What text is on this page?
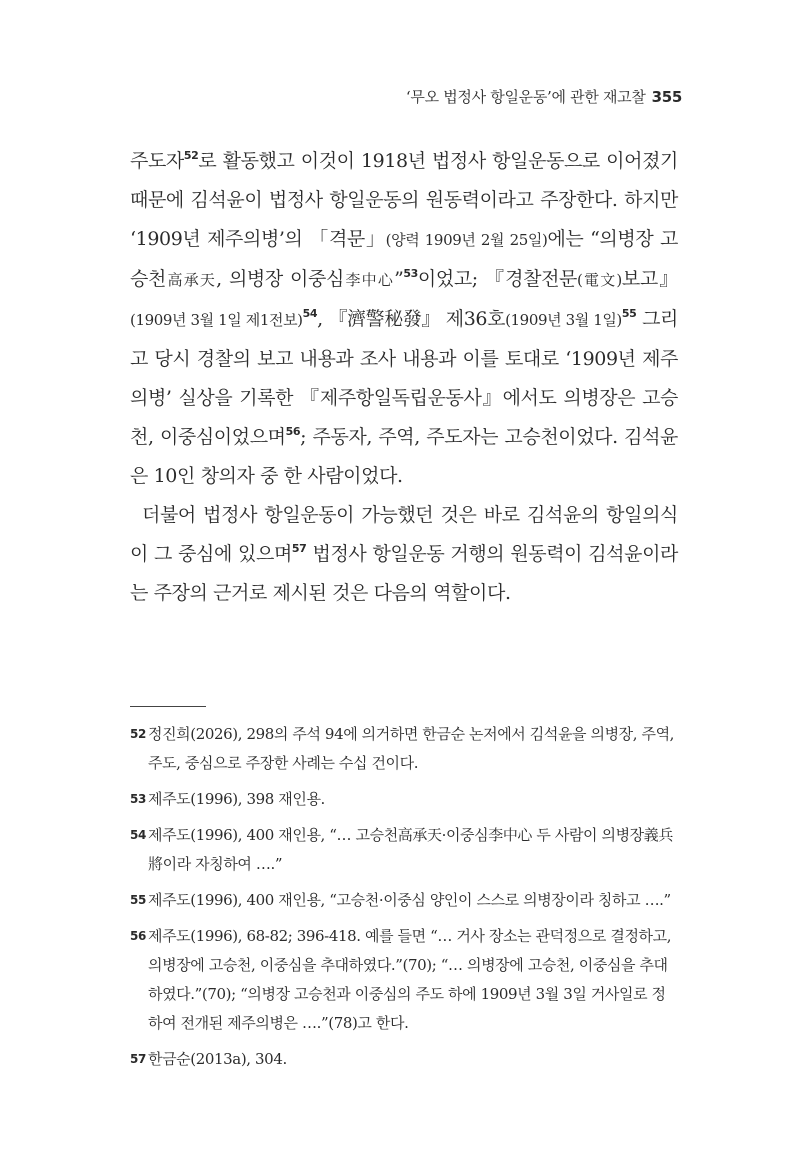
‘무오 법정사 항일운동’에 관한 재고찰 355

주도자$^{52}$로 활동했고 이것이 1918년 법정사 항일운동으로 이어졌기 때문에 김석윤이 법정사 항일운동의 원동력이라고 주장한다. 하지만 ‘1909년 제주의병’의 「격문」(양력 1909년 2월 25일)에는 “의병장 고승천高承天, 의병장 이중심李中心”$^{53}$이었고; 『경찰전문(電文)보고』(1909년 3월 1일 제1전보)$^{54}$, 『濟警秘發』 제36호(1909년 3월 1일)$^{55}$ 그리고 당시 경찰의 보고 내용과 조사 내용과 이를 토대로 ‘1909년 제주의병’ 실상을 기록한 『제주항일독립운동사』에서도 의병장은 고승천, 이중심이었으며$^{56}$; 주동자, 주역, 주도자는 고승천이었다. 김석윤은 10인 창의자 중 한 사람이었다.

더불어 법정사 항일운동이 가능했던 것은 바로 김석윤의 항일의식이 그 중심에 있으며$^{57}$ 법정사 항일운동 거행의 원동력이 김석윤이라는 주장의 근거로 제시된 것은 다음의 역할이다.

52 정진희(2026), 298의 주석 94에 의거하면 한금순 논저에서 김석윤을 의병장, 주역, 주도, 중심으로 주장한 사례는 수십 건이다.
53 제주도(1996), 398 재인용.
54 제주도(1996), 400 재인용, “… 고승천高承天·이중심李中心 두 사람이 의병장義兵將이라 자칭하여 ….”
55 제주도(1996), 400 재인용, “고승천·이중심 양인이 스스로 의병장이라 칭하고 ….”
56 제주도(1996), 68-82; 396-418. 예를 들면 “… 거사 장소는 관덕정으로 결정하고, 의병장에 고승천, 이중심을 추대하였다.”(70); “… 의병장에 고승천, 이중심을 추대하였다.”(70); “의병장 고승천과 이중심의 주도 하에 1909년 3월 3일 거사일로 정하여 전개된 제주의병은 ….”(78)고 한다.
57 한금순(2013a), 304.
